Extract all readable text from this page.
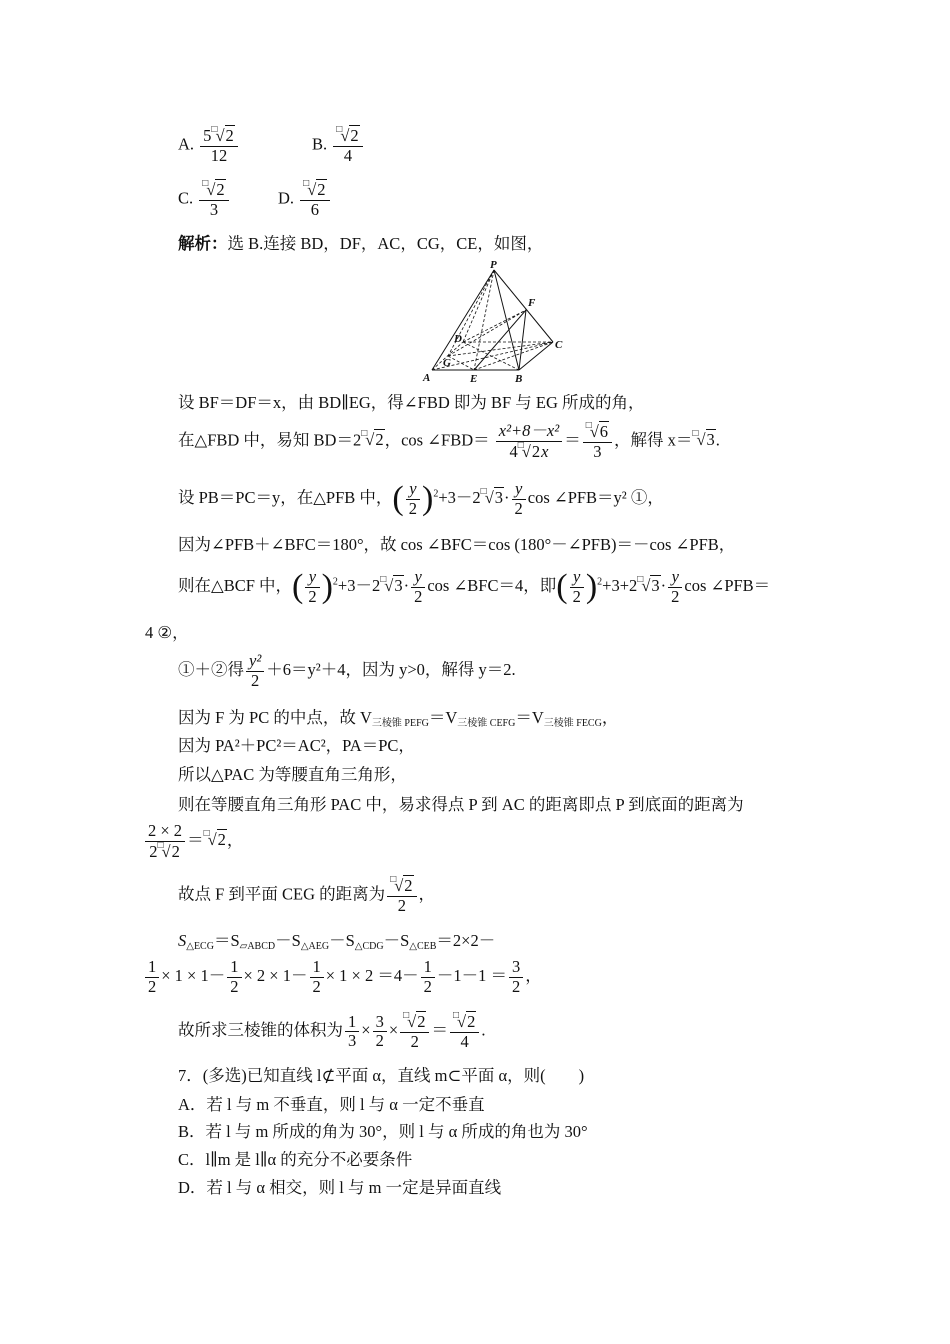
A. $\frac{5^□√2}{12}$	B. $\frac{^□√2}{4}$
C. $\frac{^□√2}{3}$	D. $\frac{^□√2}{6}$
解析：选 B.连接 BD，DF，AC，CG，CE，如图，
P
F
D	C
G
A	E	B
设 BF＝DF＝x，由 BD∥EG，得∠FBD 即为 BF 与 EG 所成的角，
在△FBD 中，易知 BD＝2□√2，cos ∠FBD＝ $\frac{\text{x²+8－x²}}{4^□√2x} = \frac{^□√6}{3}$ ，解得 x＝□√3.
设 PB＝PC＝y，在△PFB 中，( $\frac{y}{2} )^2+3-2^□√3\cdot \frac{y}{2}$ cos ∠PFB＝y² ①，
因为∠PFB＋∠BFC＝180°，故 cos ∠BFC＝cos (180°－∠PFB)＝－cos ∠PFB，
则在△BCF 中，( $\frac{y}{2} )^2+3-2^□√3\cdot \frac{y}{2}$ cos ∠BFC＝4，即( $\frac{y}{2} )^2+3+2^□√3\cdot \frac{y}{2}$ cos ∠PFB＝
4 ②，
①＋②得 $\frac{\text{y²}}{2} +6=y^2+4$，因为 y>0，解得 y＝2.
因为 F 为 PC 的中点，故 $V_{三棱锥 PEFG}=V_{三棱锥 CEFG}=V_{三棱锥 FECG}$，
因为 PA²＋PC²＝AC²，PA＝PC，
所以△PAC 为等腰直角三角形，
则在等腰直角三角形 PAC 中，易求得点 P 到 AC 的距离即点 P 到底面的距离为
$\frac{2 \times 2}{2^□√2} =^□√2$，
故点 F 到平面 CEG 的距离为 $\frac{^□√2}{2}$ ，
$S_{\triangle ECG}=S_{▱ABCD}-S_{\triangle AEG}-S_{\triangle CDG}-S_{\triangle CEB}=2\times 2-$
$\frac{1}{2} \times 1 \times 1- \frac{1}{2} \times 2 \times 1- \frac{1}{2} \times 1 \times 2 =4- \frac{1}{2} -1-1 = \frac{3}{2}$ ，
故所求三棱锥的体积为 $\frac{1}{3} \times \frac{3}{2} \times \frac{^□√2}{2} = \frac{^□√2}{4}$ .
7．(多选)已知直线 l⊄平面 α，直线 m⊂平面 α，则(　　)
A．若 l 与 m 不垂直，则 l 与 α 一定不垂直
B．若 l 与 m 所成的角为 30°，则 l 与 α 所成的角也为 30°
C．l∥m 是 l∥α 的充分不必要条件
D．若 l 与 α 相交，则 l 与 m 一定是异面直线
